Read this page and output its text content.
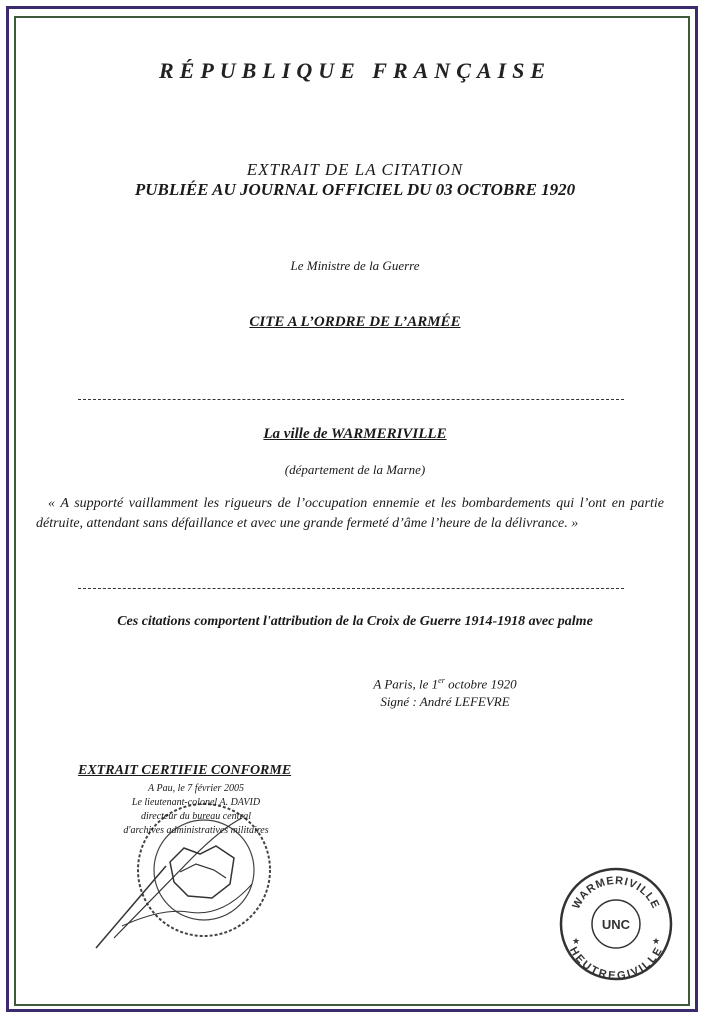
RÉPUBLIQUE FRANÇAISE

EXTRAIT DE LA CITATION

PUBLIÉE AU JOURNAL OFFICIEL DU 03 OCTOBRE 1920

Le Ministre de la Guerre

CITE A L’ORDRE DE L’ARMÉE

La ville de WARMERIVILLE

(département de la Marne)

« A supporté vaillamment les rigueurs de l’occupation ennemie et les bombardements qui l’ont en partie détruite, attendant sans défaillance et avec une grande fermeté d’âme l’heure de la délivrance. »

Ces citations comportent l'attribution de la Croix de Guerre 1914-1918 avec palme

A Paris, le 1er octobre 1920
Signé : André LEFEVRE
EXTRAIT CERTIFIE CONFORME
A Pau, le 7 février 2005
Le lieutenant-colonel A. DAVID
directeur du bureau central
d'archives administratives militaires
WARMERIVILLE
HEUTREGIVILLE
UNC
★	★
